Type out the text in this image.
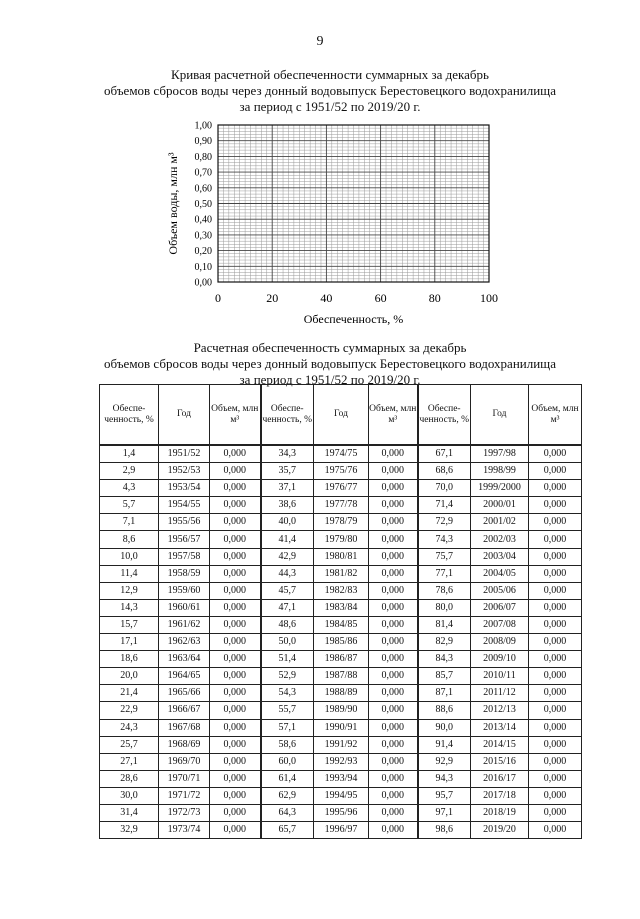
9
Кривая расчетной обеспеченности суммарных за декабрь
объемов сбросов воды через донный водовыпуск Берестовецкого водохранилища
за период с 1951/52 по 2019/20 г.
0,00
0,10
0,20
0,30
0,40
0,50
0,60
0,70
0,80
0,90
1,00
0	20	40	60	80	100
Объем воды, млн м³
Обеспеченность, %
Расчетная обеспеченность суммарных за декабрь
объемов сбросов воды через донный водовыпуск Берестовецкого водохранилища
за период с 1951/52 по 2019/20 г.
Обеспе-ченность, %	Год	Объем, млн м³	Обеспе-ченность, %	Год	Объем, млн м³	Обеспе-ченность, %	Год	Объем, млн м³
1,4	1951/52	0,000	34,3	1974/75	0,000	67,1	1997/98	0,000
2,9	1952/53	0,000	35,7	1975/76	0,000	68,6	1998/99	0,000
4,3	1953/54	0,000	37,1	1976/77	0,000	70,0	1999/2000	0,000
5,7	1954/55	0,000	38,6	1977/78	0,000	71,4	2000/01	0,000
7,1	1955/56	0,000	40,0	1978/79	0,000	72,9	2001/02	0,000
8,6	1956/57	0,000	41,4	1979/80	0,000	74,3	2002/03	0,000
10,0	1957/58	0,000	42,9	1980/81	0,000	75,7	2003/04	0,000
11,4	1958/59	0,000	44,3	1981/82	0,000	77,1	2004/05	0,000
12,9	1959/60	0,000	45,7	1982/83	0,000	78,6	2005/06	0,000
14,3	1960/61	0,000	47,1	1983/84	0,000	80,0	2006/07	0,000
15,7	1961/62	0,000	48,6	1984/85	0,000	81,4	2007/08	0,000
17,1	1962/63	0,000	50,0	1985/86	0,000	82,9	2008/09	0,000
18,6	1963/64	0,000	51,4	1986/87	0,000	84,3	2009/10	0,000
20,0	1964/65	0,000	52,9	1987/88	0,000	85,7	2010/11	0,000
21,4	1965/66	0,000	54,3	1988/89	0,000	87,1	2011/12	0,000
22,9	1966/67	0,000	55,7	1989/90	0,000	88,6	2012/13	0,000
24,3	1967/68	0,000	57,1	1990/91	0,000	90,0	2013/14	0,000
25,7	1968/69	0,000	58,6	1991/92	0,000	91,4	2014/15	0,000
27,1	1969/70	0,000	60,0	1992/93	0,000	92,9	2015/16	0,000
28,6	1970/71	0,000	61,4	1993/94	0,000	94,3	2016/17	0,000
30,0	1971/72	0,000	62,9	1994/95	0,000	95,7	2017/18	0,000
31,4	1972/73	0,000	64,3	1995/96	0,000	97,1	2018/19	0,000
32,9	1973/74	0,000	65,7	1996/97	0,000	98,6	2019/20	0,000
